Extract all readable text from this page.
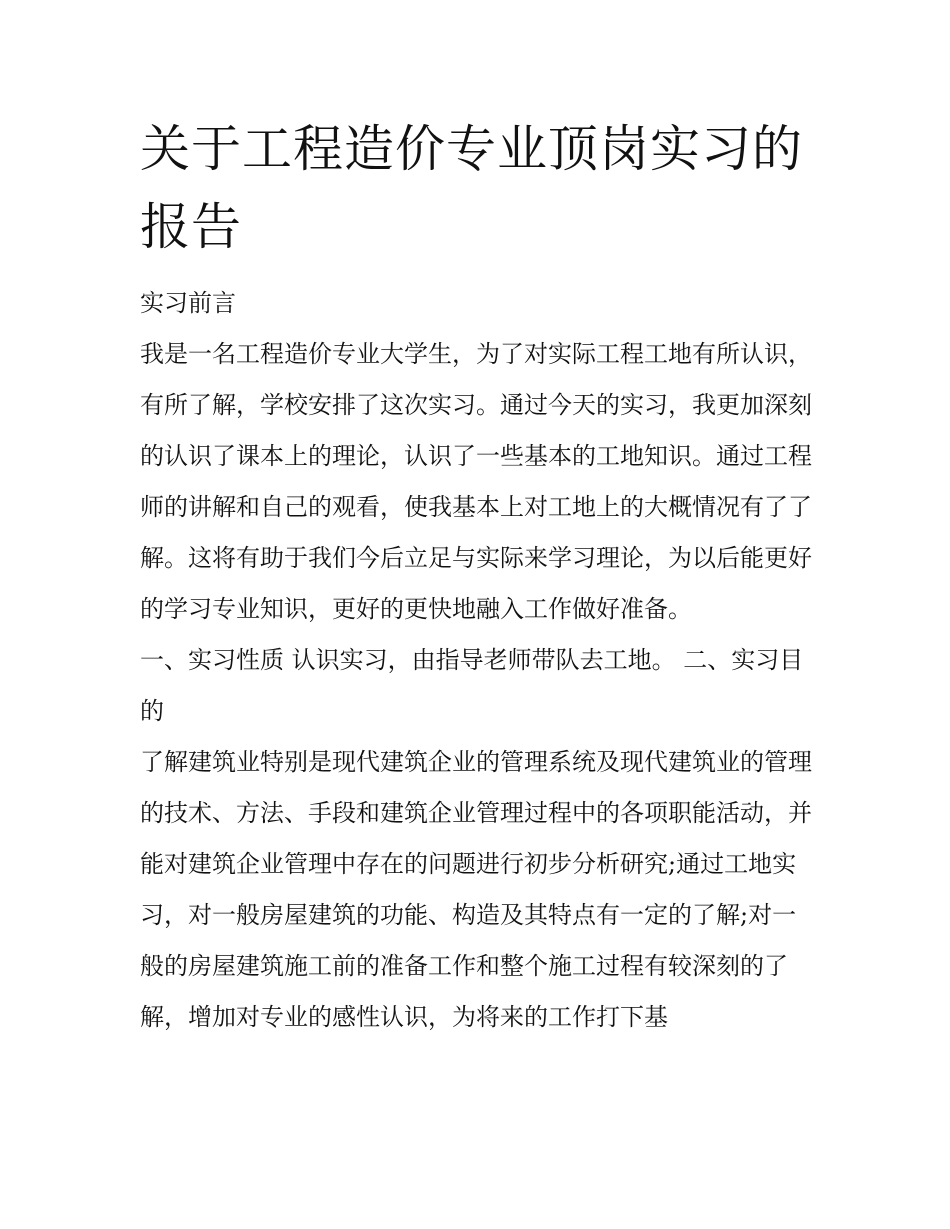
关于工程造价专业顶岗实习的报告

实习前言

我是一名工程造价专业大学生，为了对实际工程工地有所认识，有所了解，学校安排了这次实习。通过今天的实习，我更加深刻的认识了课本上的理论，认识了一些基本的工地知识。通过工程师的讲解和自己的观看，使我基本上对工地上的大概情况有了了解。这将有助于我们今后立足与实际来学习理论，为以后能更好的学习专业知识，更好的更快地融入工作做好准备。

一、实习性质 认识实习，由指导老师带队去工地。 二、实习目的

了解建筑业特别是现代建筑企业的管理系统及现代建筑业的管理的技术、方法、手段和建筑企业管理过程中的各项职能活动，并能对建筑企业管理中存在的问题进行初步分析研究;通过工地实习，对一般房屋建筑的功能、构造及其特点有一定的了解;对一般的房屋建筑施工前的准备工作和整个施工过程有较深刻的了解，增加对专业的感性认识，为将来的工作打下基
